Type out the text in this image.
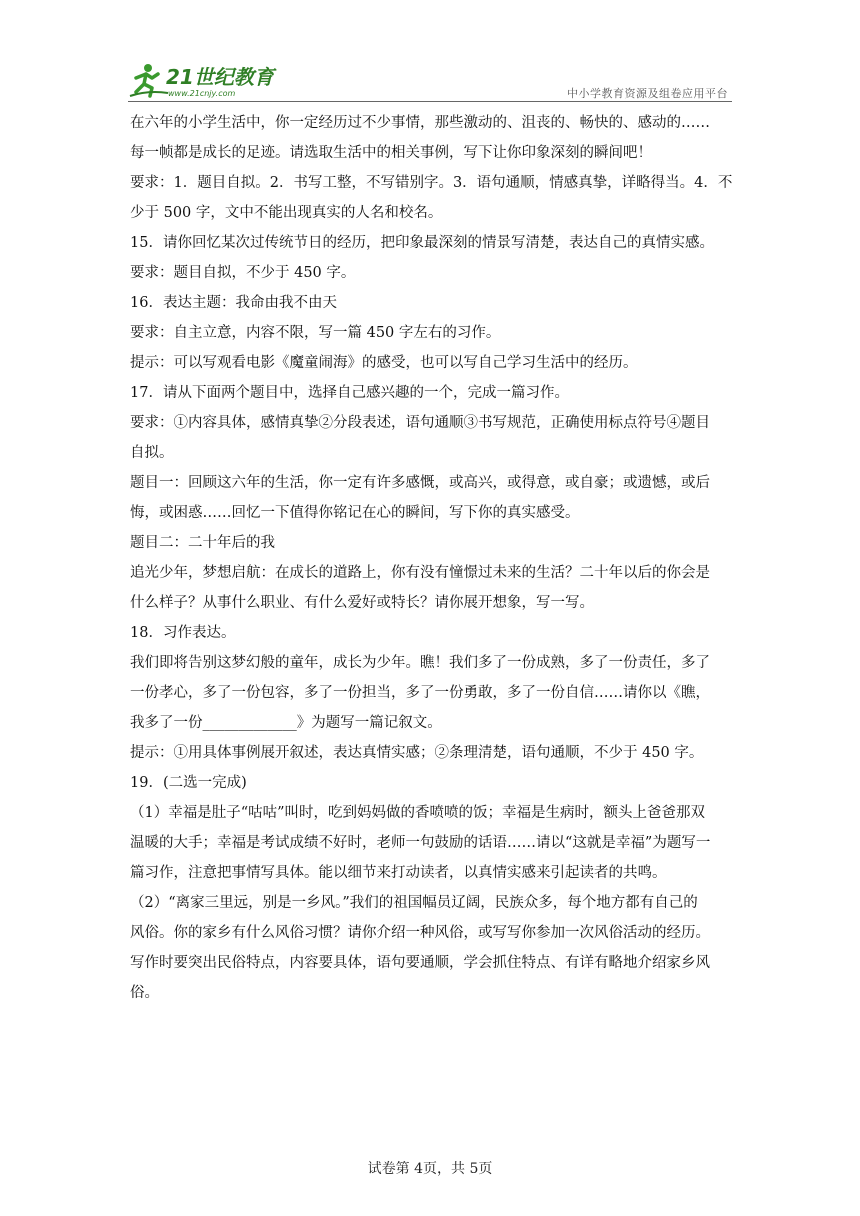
21世纪教育
www.21cnjy.com	中小学教育资源及组卷应用平台

在六年的小学生活中，你一定经历过不少事情，那些激动的、沮丧的、畅快的、感动的……

每一帧都是成长的足迹。请选取生活中的相关事例，写下让你印象深刻的瞬间吧！

要求：1．题目自拟。2．书写工整，不写错别字。3．语句通顺，情感真挚，详略得当。4．不

少于 500 字，文中不能出现真实的人名和校名。

15．请你回忆某次过传统节日的经历，把印象最深刻的情景写清楚，表达自己的真情实感。

要求：题目自拟，不少于 450 字。

16．表达主题：我命由我不由天

要求：自主立意，内容不限，写一篇 450 字左右的习作。

提示：可以写观看电影《魔童闹海》的感受，也可以写自己学习生活中的经历。

17．请从下面两个题目中，选择自己感兴趣的一个，完成一篇习作。

要求：①内容具体，感情真挚②分段表述，语句通顺③书写规范，正确使用标点符号④题目

自拟。

题目一：回顾这六年的生活，你一定有许多感慨，或高兴，或得意，或自豪；或遗憾，或后

悔，或困惑……回忆一下值得你铭记在心的瞬间，写下你的真实感受。

题目二：二十年后的我

追光少年，梦想启航：在成长的道路上，你有没有憧憬过未来的生活？二十年以后的你会是

什么样子？从事什么职业、有什么爱好或特长？请你展开想象，写一写。

18．习作表达。

我们即将告别这梦幻般的童年，成长为少年。瞧！我们多了一份成熟，多了一份责任，多了

一份孝心，多了一份包容，多了一份担当，多了一份勇敢，多了一份自信……请你以《瞧，

我多了一份_____________》为题写一篇记叙文。

提示：①用具体事例展开叙述，表达真情实感；②条理清楚，语句通顺，不少于 450 字。

19．(二选一完成)

（1）幸福是肚子“咕咕”叫时，吃到妈妈做的香喷喷的饭；幸福是生病时，额头上爸爸那双

温暖的大手；幸福是考试成绩不好时，老师一句鼓励的话语……请以“这就是幸福”为题写一

篇习作，注意把事情写具体。能以细节来打动读者，以真情实感来引起读者的共鸣。

（2）“离家三里远，别是一乡风。”我们的祖国幅员辽阔，民族众多，每个地方都有自己的

风俗。你的家乡有什么风俗习惯？请你介绍一种风俗，或写写你参加一次风俗活动的经历。

写作时要突出民俗特点，内容要具体，语句要通顺，学会抓住特点、有详有略地介绍家乡风

俗。

试卷第 4页，共 5页
